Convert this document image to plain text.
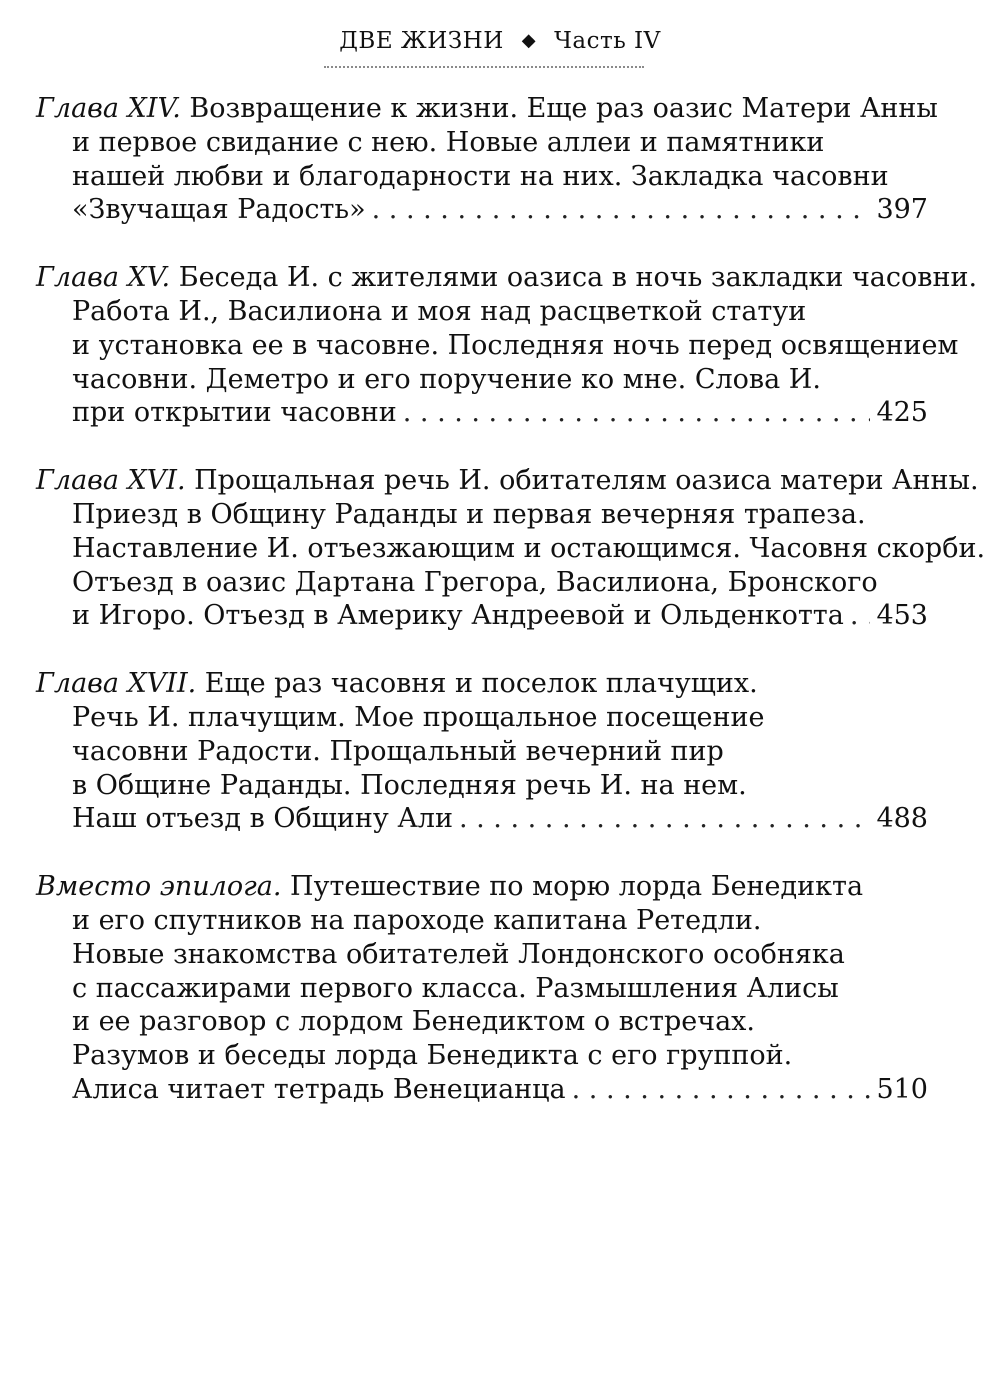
ДВЕ ЖИЗНИ ◆ Часть IV
Глава XIV. Возвращение к жизни. Еще раз оазис Матери Анны
и первое свидание с нею. Новые аллеи и памятники
нашей любви и благодарности на них. Закладка часовни
«Звучащая Радость» . . .	397
Глава XV. Беседа И. с жителями оазиса в ночь закладки часовни.
Работа И., Василиона и моя над расцветкой статуи
и установка ее в часовне. Последняя ночь перед освящением
часовни. Деметро и его поручение ко мне. Слова И.
при открытии часовни . . .	425
Глава XVI. Прощальная речь И. обитателям оазиса матери Анны.
Приезд в Общину Раданды и первая вечерняя трапеза.
Наставление И. отъезжающим и остающимся. Часовня скорби.
Отъезд в оазис Дартана Грегора, Василиона, Бронского
и Игоро. Отъезд в Америку Андреевой и Ольденкотта . . . 453
Глава XVII. Еще раз часовня и поселок плачущих.
Речь И. плачущим. Мое прощальное посещение
часовни Радости. Прощальный вечерний пир
в Общине Раданды. Последняя речь И. на нем.
Наш отъезд в Общину Али . . .	488
Вместо эпилога. Путешествие по морю лорда Бенедикта
и его спутников на пароходе капитана Ретедли.
Новые знакомства обитателей Лондонского особняка
с пассажирами первого класса. Размышления Алисы
и ее разговор с лордом Бенедиктом о встречах.
Разумов и беседы лорда Бенедикта с его группой.
Алиса читает тетрадь Венецианца . . .	510
